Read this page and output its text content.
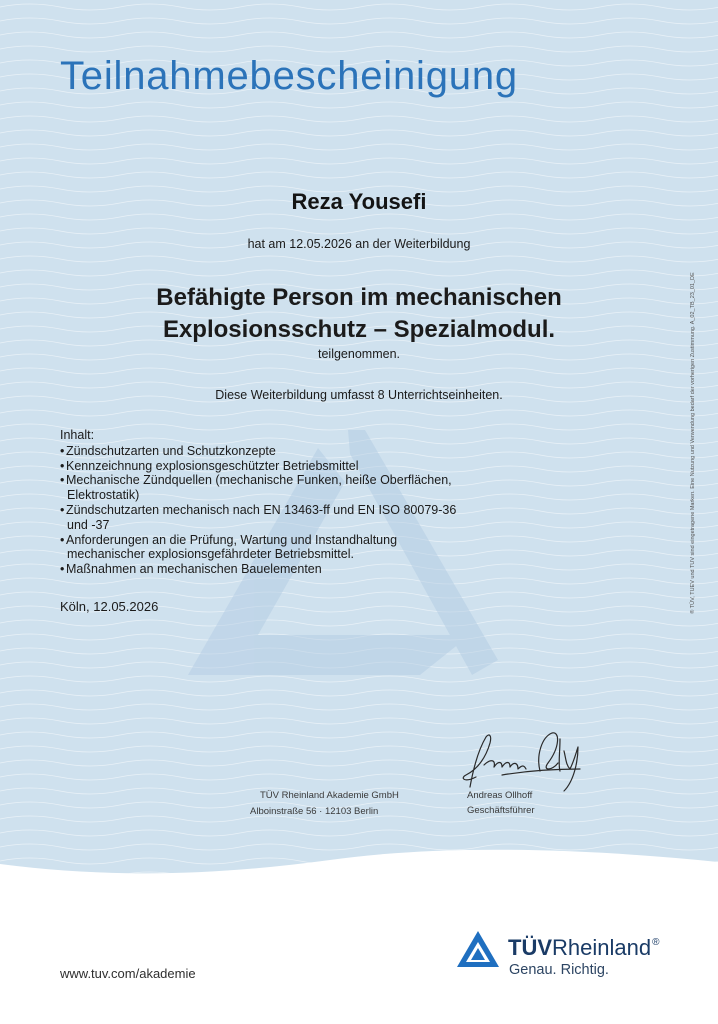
Teilnahmebescheinigung
Reza Yousefi
hat am 12.05.2026 an der Weiterbildung
Befähigte Person im mechanischen
Explosionsschutz – Spezialmodul.
teilgenommen.
Diese Weiterbildung umfasst 8 Unterrichtseinheiten.
Inhalt:
• Zündschutzarten und Schutzkonzepte
• Kennzeichnung explosionsgeschützter Betriebsmittel
• Mechanische Zündquellen (mechanische Funken, heiße Oberflächen,
Elektrostatik)
• Zündschutzarten mechanisch nach EN 13463-ff und EN ISO 80079-36
und -37
• Anforderungen an die Prüfung, Wartung und Instandhaltung
mechanischer explosionsgefährdeter Betriebsmittel.
• Maßnahmen an mechanischen Bauelementen
Köln, 12.05.2026
TÜV Rheinland Akademie GmbH
Alboinstraße 56 · 12103 Berlin
Andreas Ollhoff
Geschäftsführer
® TÜV, TUEV und TUV sind eingetragene Marken. Eine Nutzung und Verwendung bedarf der vorherigen Zustimmung. A_02_TB_23_01_DE
www.tuv.com/akademie
TÜVRheinland®
Genau. Richtig.
